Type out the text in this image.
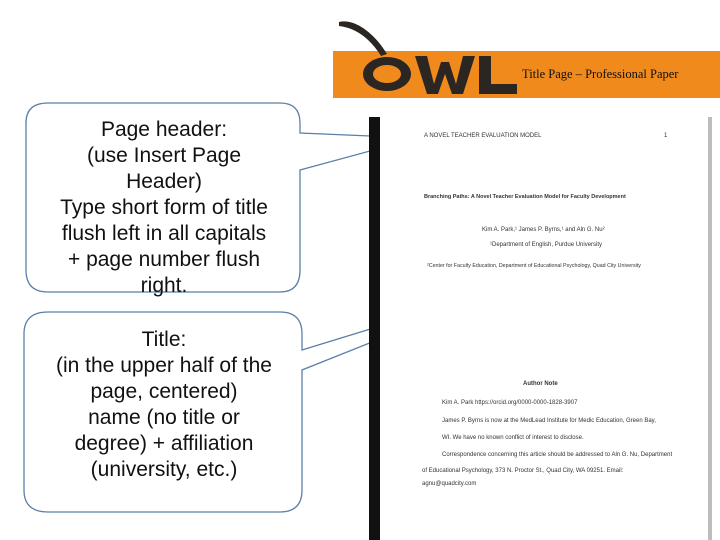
Title Page – Professional Paper
Page header:
(use Insert Page
Header)
Type short form of title
flush left in all capitals
+ page number flush
right.
Title:
(in the upper half of the
page, centered)
name (no title or
degree) + affiliation
(university, etc.)
A NOVEL TEACHER EVALUATION MODEL	1
Branching Paths: A Novel Teacher Evaluation Model for Faculty Development
Kim A. Park,¹ James P. Byrns,¹ and Aln G. Nu²
¹Department of English, Purdue University
²Center for Faculty Education, Department of Educational Psychology, Quad City University
Author Note
Kim A. Park https://orcid.org/0000-0000-1828-3907
James P. Byrns is now at the MedLead Institute for Medic Education, Green Bay,
WI. We have no known conflict of interest to disclose.
Correspondence concerning this article should be addressed to Aln G. Nu, Department
of Educational Psychology, 373 N. Proctor St., Quad City, WA 09251. Email:
agnu@quadcity.com
